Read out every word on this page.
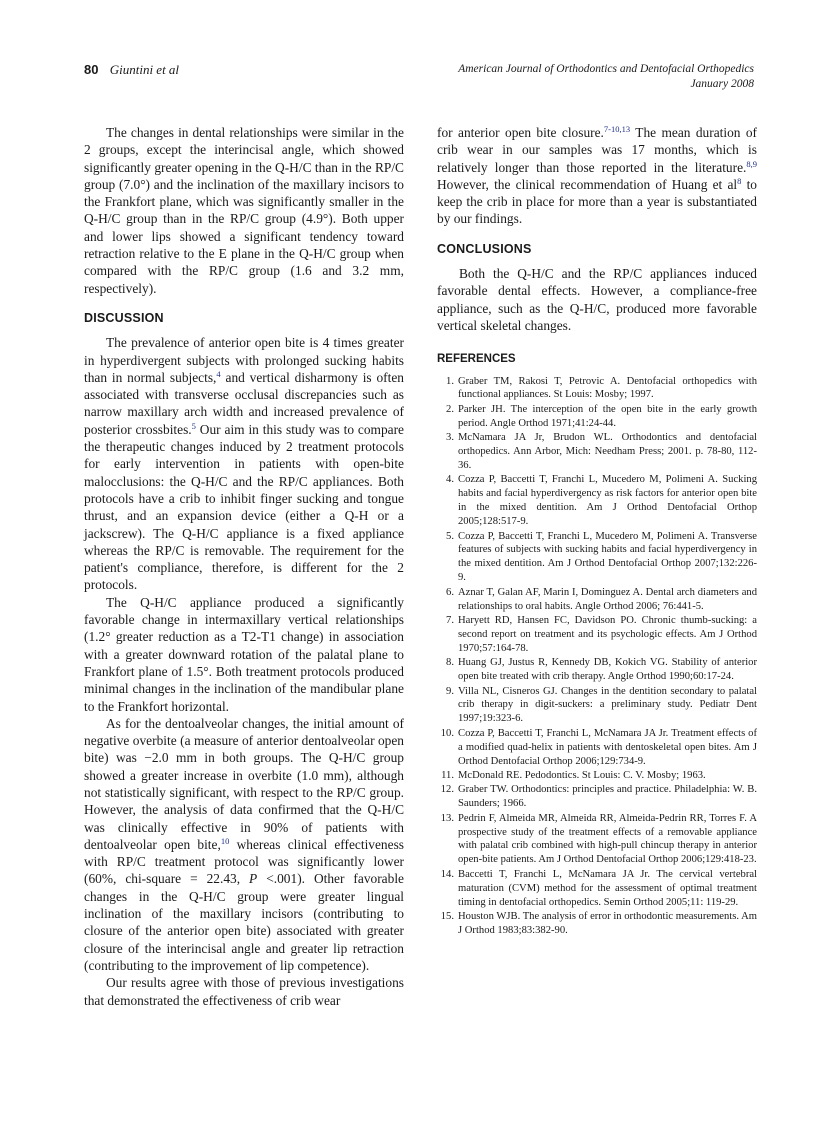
80 Giuntini et al	American Journal of Orthodontics and Dentofacial Orthopedics
January 2008

The changes in dental relationships were similar in the 2 groups, except the interincisal angle, which showed significantly greater opening in the Q-H/C than in the RP/C group (7.0°) and the inclination of the maxillary incisors to the Frankfort plane, which was significantly smaller in the Q-H/C group than in the RP/C group (4.9°). Both upper and lower lips showed a significant tendency toward retraction relative to the E plane in the Q-H/C group when compared with the RP/C group (1.6 and 3.2 mm, respectively).

DISCUSSION

The prevalence of anterior open bite is 4 times greater in hyperdivergent subjects with prolonged sucking habits than in normal subjects,$^4$ and vertical disharmony is often associated with transverse occlusal discrepancies such as narrow maxillary arch width and increased prevalence of posterior crossbites.$^5$ Our aim in this study was to compare the therapeutic changes induced by 2 treatment protocols for early intervention in patients with open-bite malocclusions: the Q-H/C and the RP/C appliances. Both protocols have a crib to inhibit finger sucking and tongue thrust, and an expansion device (either a Q-H or a jackscrew). The Q-H/C appliance is a fixed appliance whereas the RP/C is removable. The requirement for the patient's compliance, therefore, is different for the 2 protocols.

The Q-H/C appliance produced a significantly favorable change in intermaxillary vertical relationships (1.2° greater reduction as a T2-T1 change) in association with a greater downward rotation of the palatal plane to Frankfort plane of 1.5°. Both treatment protocols produced minimal changes in the inclination of the mandibular plane to the Frankfort horizontal.

As for the dentoalveolar changes, the initial amount of negative overbite (a measure of anterior dentoalveolar open bite) was −2.0 mm in both groups. The Q-H/C group showed a greater increase in overbite (1.0 mm), although not statistically significant, with respect to the RP/C group. However, the analysis of data confirmed that the Q-H/C was clinically effective in 90% of patients with dentoalveolar open bite,$^{10}$ whereas clinical effectiveness with RP/C treatment protocol was significantly lower (60%, chi-square = 22.43, P <.001). Other favorable changes in the Q-H/C group were greater lingual inclination of the maxillary incisors (contributing to closure of the anterior open bite) associated with greater closure of the interincisal angle and greater lip retraction (contributing to the improvement of lip competence).

Our results agree with those of previous investigations that demonstrated the effectiveness of crib wear

for anterior open bite closure.$^{7-10,13}$ The mean duration of crib wear in our samples was 17 months, which is relatively longer than those reported in the literature.$^{8,9}$ However, the clinical recommendation of Huang et $al^8$ to keep the crib in place for more than a year is substantiated by our findings.

CONCLUSIONS

Both the Q-H/C and the RP/C appliances induced favorable dental effects. However, a compliance-free appliance, such as the Q-H/C, produced more favorable vertical skeletal changes.

REFERENCES
1. Graber TM, Rakosi T, Petrovic A. Dentofacial orthopedics with functional appliances. St Louis: Mosby; 1997.
2. Parker JH. The interception of the open bite in the early growth period. Angle Orthod 1971;41:24-44.
3. McNamara JA Jr, Brudon WL. Orthodontics and dentofacial orthopedics. Ann Arbor, Mich: Needham Press; 2001. p. 78-80, 112-36.
4. Cozza P, Baccetti T, Franchi L, Mucedero M, Polimeni A. Sucking habits and facial hyperdivergency as risk factors for anterior open bite in the mixed dentition. Am J Orthod Dentofacial Orthop 2005;128:517-9.
5. Cozza P, Baccetti T, Franchi L, Mucedero M, Polimeni A. Transverse features of subjects with sucking habits and facial hyperdivergency in the mixed dentition. Am J Orthod Dentofacial Orthop 2007;132:226-9.
6. Aznar T, Galan AF, Marin I, Dominguez A. Dental arch diameters and relationships to oral habits. Angle Orthod 2006; 76:441-5.
7. Haryett RD, Hansen FC, Davidson PO. Chronic thumb-sucking: a second report on treatment and its psychologic effects. Am J Orthod 1970;57:164-78.
8. Huang GJ, Justus R, Kennedy DB, Kokich VG. Stability of anterior open bite treated with crib therapy. Angle Orthod 1990;60:17-24.
9. Villa NL, Cisneros GJ. Changes in the dentition secondary to palatal crib therapy in digit-suckers: a preliminary study. Pediatr Dent 1997;19:323-6.
10. Cozza P, Baccetti T, Franchi L, McNamara JA Jr. Treatment effects of a modified quad-helix in patients with dentoskeletal open bites. Am J Orthod Dentofacial Orthop 2006;129:734-9.
11. McDonald RE. Pedodontics. St Louis: C. V. Mosby; 1963.
12. Graber TW. Orthodontics: principles and practice. Philadelphia: W. B. Saunders; 1966.
13. Pedrin F, Almeida MR, Almeida RR, Almeida-Pedrin RR, Torres F. A prospective study of the treatment effects of a removable appliance with palatal crib combined with high-pull chincup therapy in anterior open-bite patients. Am J Orthod Dentofacial Orthop 2006;129:418-23.
14. Baccetti T, Franchi L, McNamara JA Jr. The cervical vertebral maturation (CVM) method for the assessment of optimal treatment timing in dentofacial orthopedics. Semin Orthod 2005;11: 119-29.
15. Houston WJB. The analysis of error in orthodontic measurements. Am J Orthod 1983;83:382-90.
